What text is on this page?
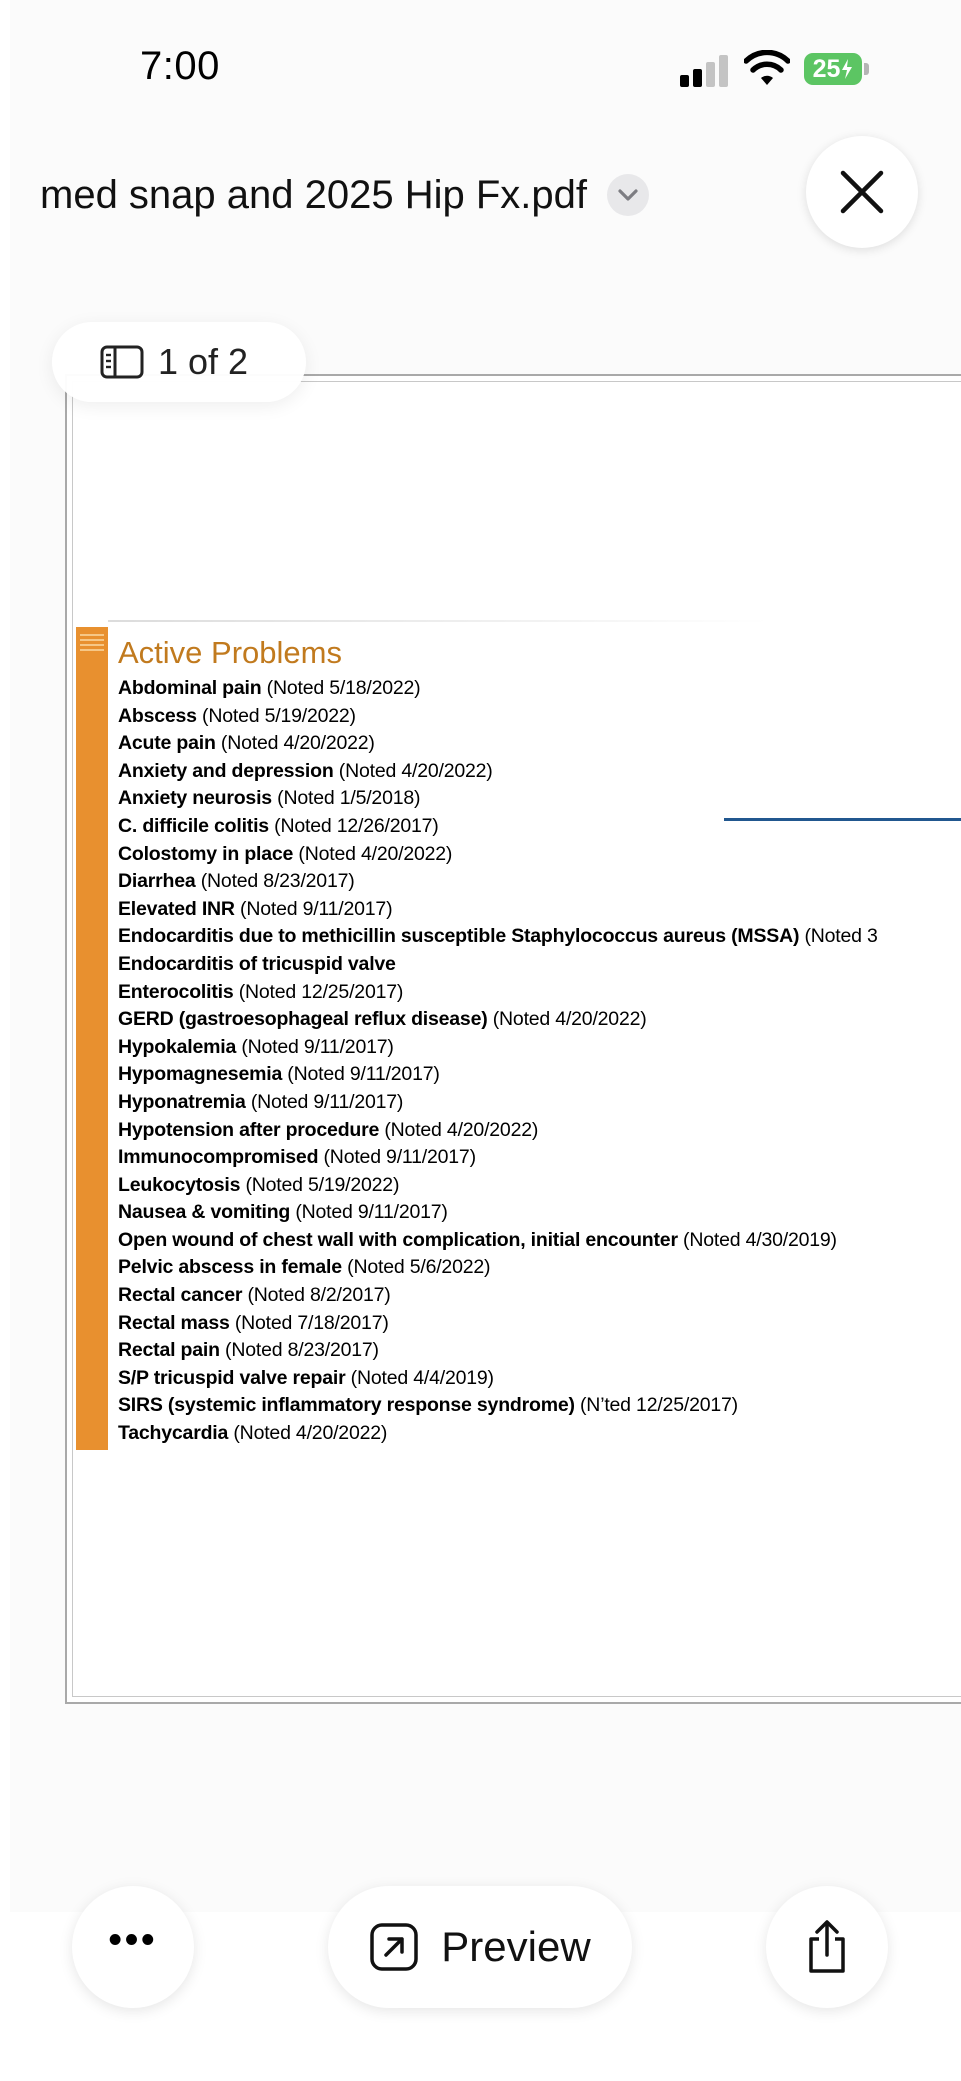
7:00	25
med snap and 2025 Hip Fx.pdf
Active Problems
Abdominal pain (Noted 5/18/2022)
Abscess (Noted 5/19/2022)
Acute pain (Noted 4/20/2022)
Anxiety and depression (Noted 4/20/2022)
Anxiety neurosis (Noted 1/5/2018)
C. difficile colitis (Noted 12/26/2017)
Colostomy in place (Noted 4/20/2022)
Diarrhea (Noted 8/23/2017)
Elevated INR (Noted 9/11/2017)
Endocarditis due to methicillin susceptible Staphylococcus aureus (MSSA) (Noted 3
Endocarditis of tricuspid valve
Enterocolitis (Noted 12/25/2017)
GERD (gastroesophageal reflux disease) (Noted 4/20/2022)
Hypokalemia (Noted 9/11/2017)
Hypomagnesemia (Noted 9/11/2017)
Hyponatremia (Noted 9/11/2017)
Hypotension after procedure (Noted 4/20/2022)
Immunocompromised (Noted 9/11/2017)
Leukocytosis (Noted 5/19/2022)
Nausea & vomiting (Noted 9/11/2017)
Open wound of chest wall with complication, initial encounter (Noted 4/30/2019)
Pelvic abscess in female (Noted 5/6/2022)
Rectal cancer (Noted 8/2/2017)
Rectal mass (Noted 7/18/2017)
Rectal pain (Noted 8/23/2017)
S/P tricuspid valve repair (Noted 4/4/2019)
SIRS (systemic inflammatory response syndrome) (N’ted 12/25/2017)
Tachycardia (Noted 4/20/2022)
1 of 2
•••	Preview
